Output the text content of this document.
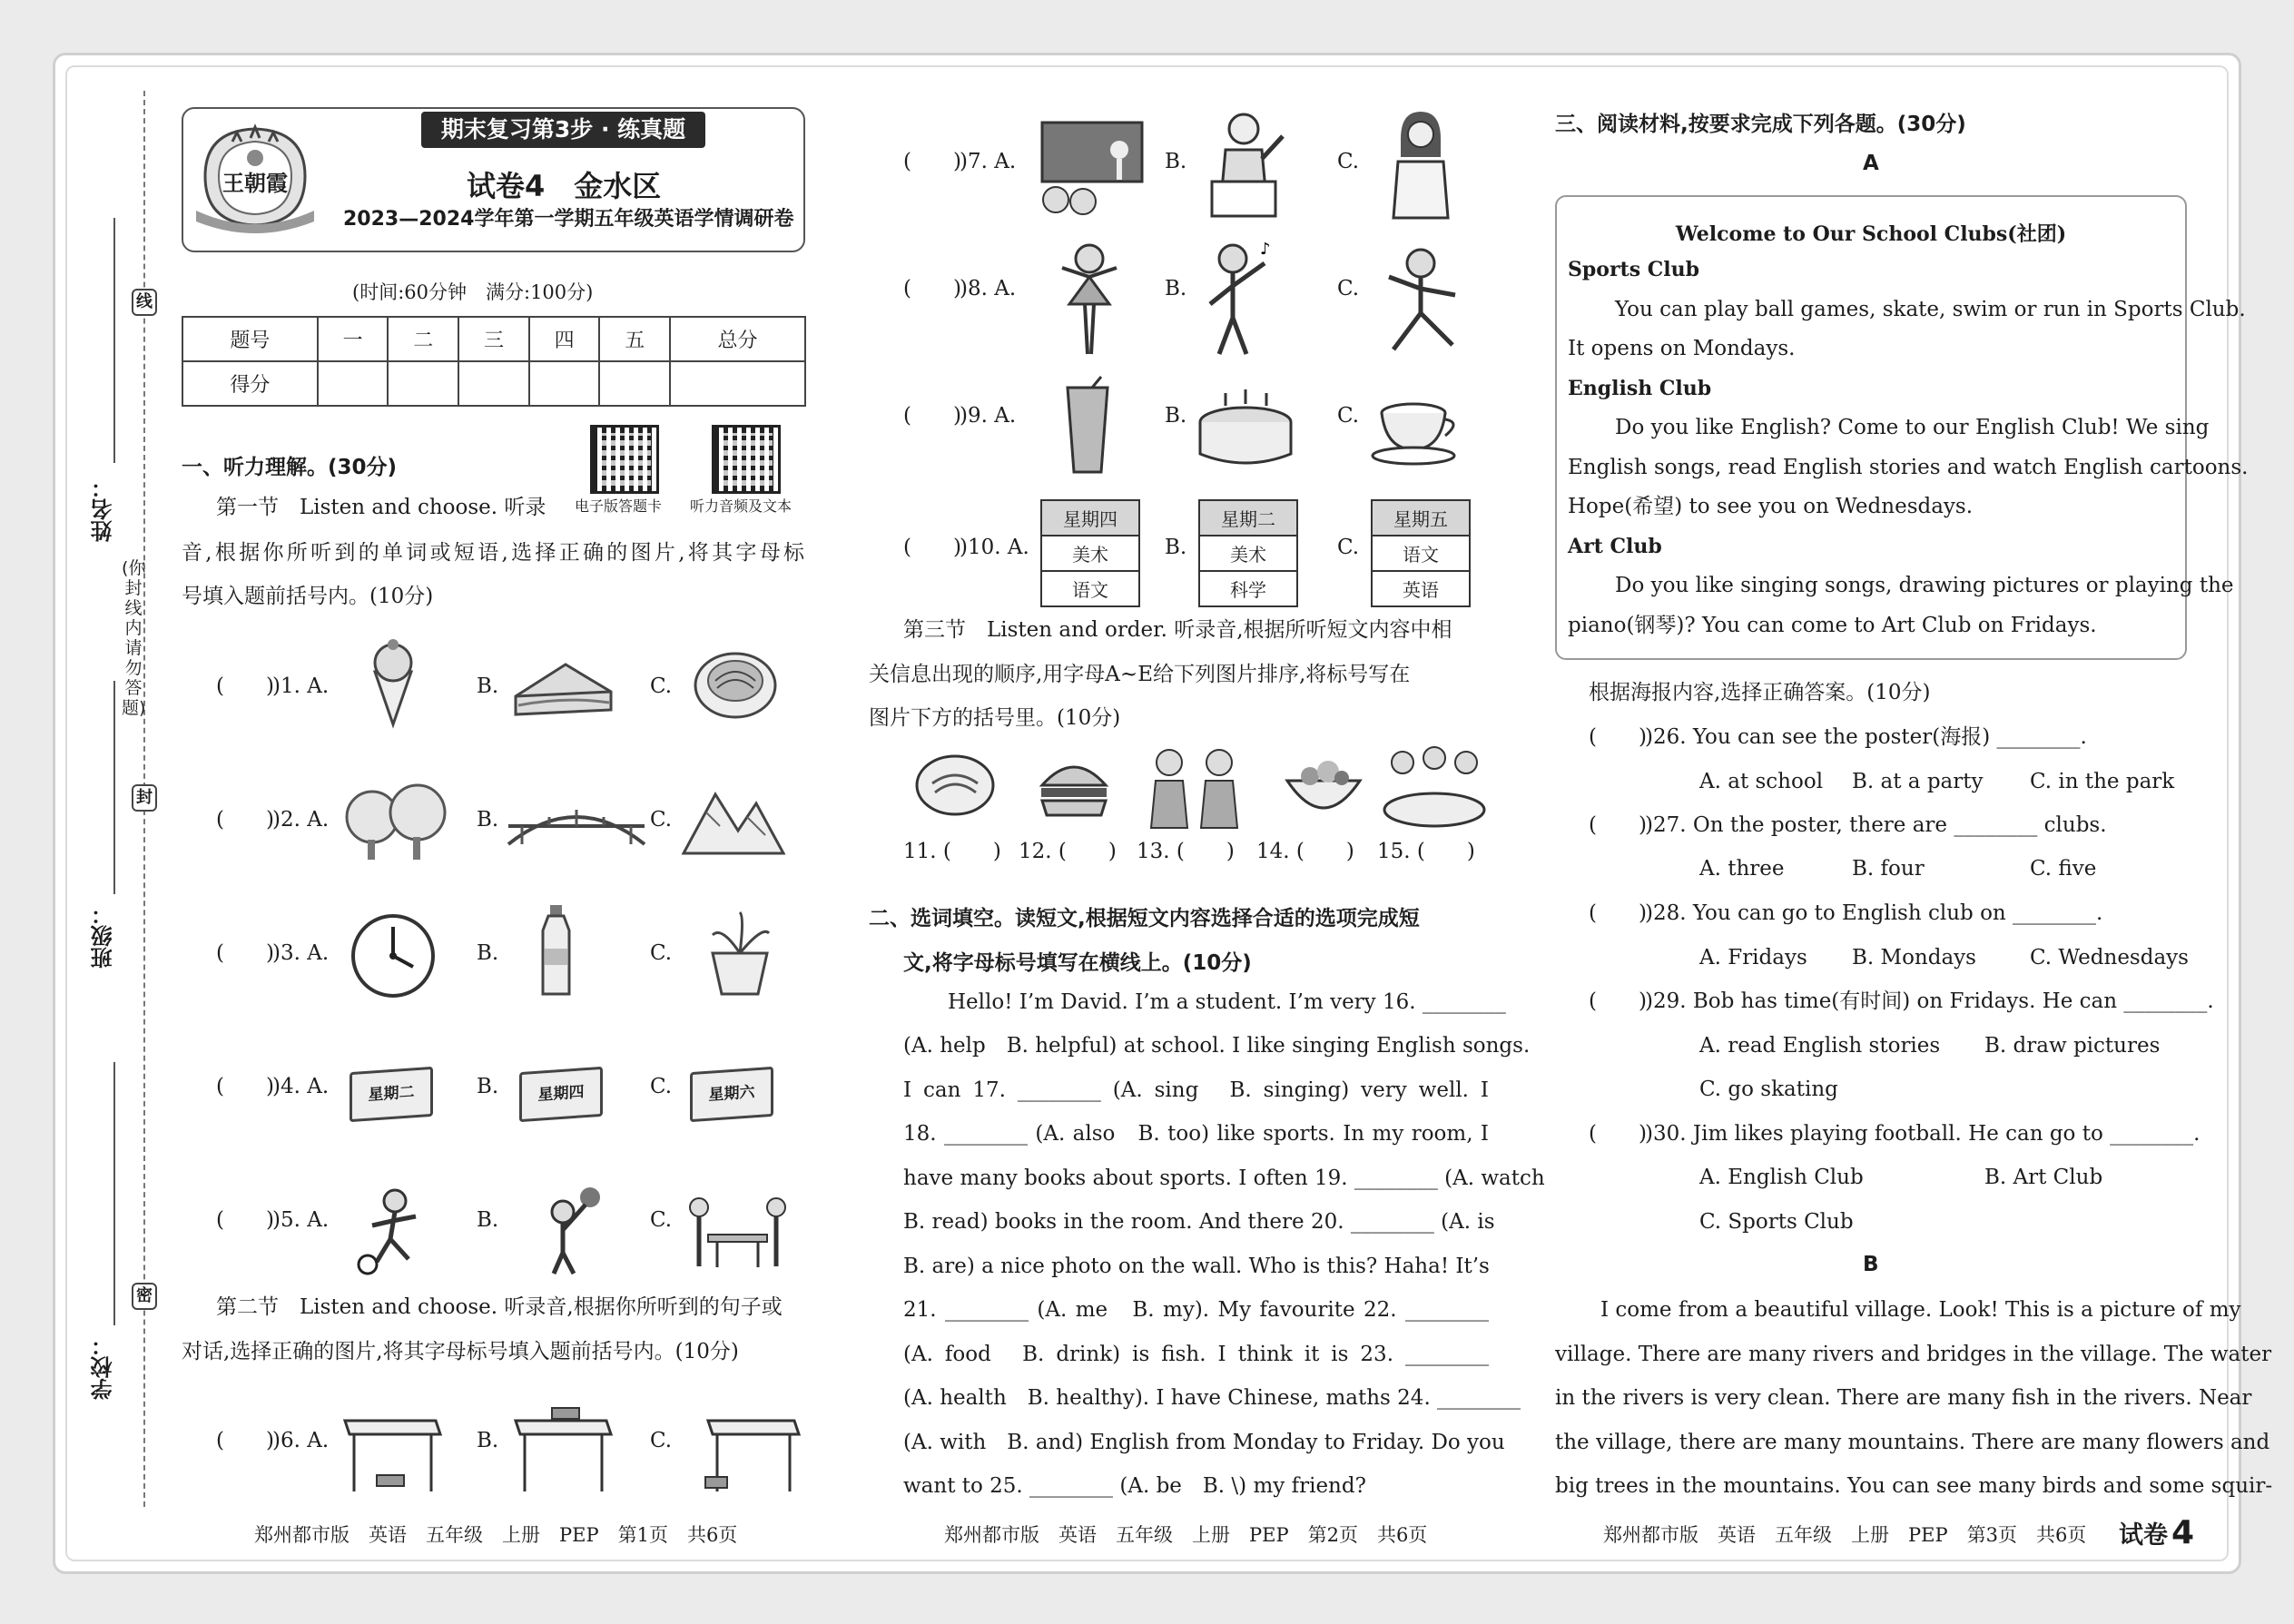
姓名：
班级：
学校：
线
封
密
(你封线内请勿答题)
期末复习第3步 · 练真题
王朝霞	试卷4　金水区
2023—2024学年第一学期五年级英语学情调研卷
(时间:60分钟　满分:100分)
题号	一	二	三	四	五	总分
得分						
一、听力理解。(30分)
电子版答题卡 听力音频及文本
第一节　Listen and choose. 听录
音,根据你所听到的单词或短语,选择正确的图片,将其字母标
号填入题前括号内。(10分)
(　　)
)1. A.	B.	C.
(　　)
)2. A.	B.	C.
(　　)
)3. A.	B.	C.
(　　)
)4. A.	B.	C.
星期二	星期四	星期六
(　　)
)5. A.	B.	C.
第二节　Listen and choose. 听录音,根据你所听到的句子或
对话,选择正确的图片,将其字母标号填入题前括号内。(10分)
(　　)
)6. A.	B.	C.
(　　)
)7. A.	B.	C.
(　　)
)8. A.	B.	C.
♪
(　　)
)9. A.	B.	C.
(　　)
)10. A.	B.	C.
星期四
美术
语文
星期二
美术
科学
星期五
语文
英语
第三节　Listen and order. 听录音,根据所听短文内容中相
关信息出现的顺序,用字母A~E给下列图片排序,将标号写在
图片下方的括号里。(10分)
11. (　　) 12. (　　) 13. (　　) 14. (　　) 15. (　　)
二、选词填空。读短文,根据短文内容选择合适的选项完成短
文,将字母标号填写在横线上。(10分)
Hello! I’m David. I’m a student. I’m very 16. ________
(A. help　B. helpful) at school. I like singing English songs.
I can 17. ________ (A. sing　B. singing) very well. I
18. ________ (A. also　B. too) like sports. In my room, I
have many books about sports. I often 19. ________ (A. watch
B. read) books in the room. And there 20. ________ (A. is
B. are) a nice photo on the wall. Who is this? Haha! It’s
21. ________ (A. me　B. my). My favourite 22. ________
(A. food　B. drink) is fish. I think it is 23. ________
(A. health　B. healthy). I have Chinese, maths 24. ________
(A. with　B. and) English from Monday to Friday. Do you
want to 25. ________ (A. be　B. \) my friend?
三、阅读材料,按要求完成下列各题。(30分)
A
Welcome to Our School Clubs(社团)
Sports Club
You can play ball games, skate, swim or run in Sports Club.
It opens on Mondays.
English Club
Do you like English? Come to our English Club! We sing
English songs, read English stories and watch English cartoons.
Hope(希望) to see you on Wednesdays.
Art Club
Do you like singing songs, drawing pictures or playing the
piano(钢琴)? You can come to Art Club on Fridays.
根据海报内容,选择正确答案。(10分)
(　　)
)26. You can see the poster(海报) ________.
A. at school B. at a party C. in the park
(　　)
)27. On the poster, there are ________ clubs.
A. three	B. four	C. five
(　　)
)28. You can go to English club on ________.
A. Fridays B. Mondays	C. Wednesdays
(　　)
)29. Bob has time(有时间) on Fridays. He can ________.
A. read English stories B. draw pictures
C. go skating
(　　)
)30. Jim likes playing football. He can go to ________.
A. English Club	B. Art Club
C. Sports Club
B
I come from a beautiful village. Look! This is a picture of my
village. There are many rivers and bridges in the village. The water
in the rivers is very clean. There are many fish in the rivers. Near
the village, there are many mountains. There are many flowers and
big trees in the mountains. You can see many birds and some squir-
郑州都市版　英语　五年级　上册　PEP　第1页　共6页	郑州都市版　英语　五年级　上册　PEP　第2页　共6页	郑州都市版　英语　五年级　上册　PEP　第3页　共6页 试卷 4
